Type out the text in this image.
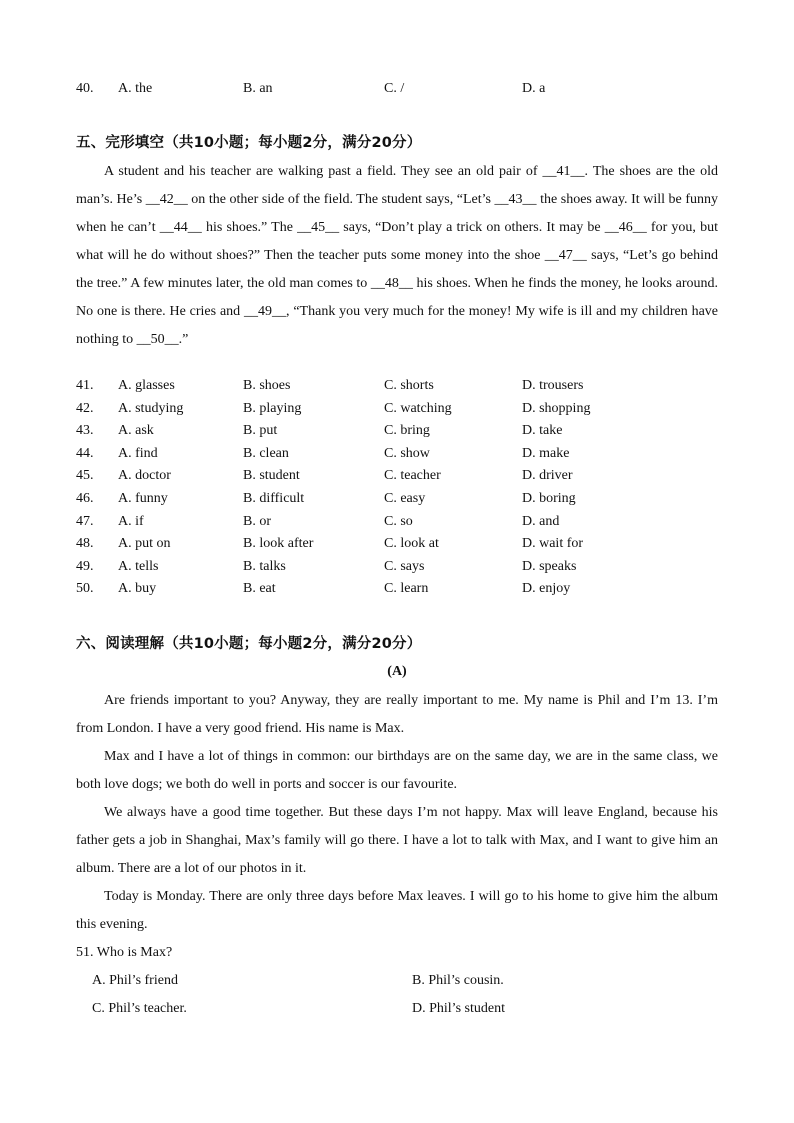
40. A. the	B. an	C. /	D. a
五、完形填空（共10小题；每小题2分，满分20分）

A student and his teacher are walking past a field. They see an old pair of __41__. The shoes are the old man’s. He’s __42__ on the other side of the field. The student says, “Let’s __43__ the shoes away. It will be funny when he can’t __44__ his shoes.” The __45__ says, “Don’t play a trick on others. It may be __46__ for you, but what will he do without shoes?” Then the teacher puts some money into the shoe __47__ says, “Let’s go behind the tree.” A few minutes later, the old man comes to __48__ his shoes. When he finds the money, he looks around. No one is there. He cries and __49__, “Thank you very much for the money! My wife is ill and my children have nothing to __50__.”

41. A. glasses	B. shoes	C. shorts	D. trousers
42. A. studying	B. playing	C. watching	D. shopping
43. A. ask	B. put	C. bring	D. take
44. A. find	B. clean	C. show	D. make
45. A. doctor	B. student	C. teacher	D. driver
46. A. funny	B. difficult	C. easy	D. boring
47. A. if	B. or	C. so	D. and
48. A. put on	B. look after	C. look at	D. wait for
49. A. tells	B. talks	C. says	D. speaks
50. A. buy	B. eat	C. learn	D. enjoy
六、阅读理解（共10小题；每小题2分，满分20分）
(A)

Are friends important to you? Anyway, they are really important to me. My name is Phil and I’m 13. I’m from London. I have a very good friend. His name is Max.

Max and I have a lot of things in common: our birthdays are on the same day, we are in the same class, we both love dogs; we both do well in ports and soccer is our favourite.

We always have a good time together. But these days I’m not happy. Max will leave England, because his father gets a job in Shanghai, Max’s family will go there. I have a lot to talk with Max, and I want to give him an album. There are a lot of our photos in it.

Today is Monday. There are only three days before Max leaves. I will go to his home to give him the album this evening.

51. Who is Max?
A. Phil’s friend	B. Phil’s cousin.
C. Phil’s teacher.	D. Phil’s student
